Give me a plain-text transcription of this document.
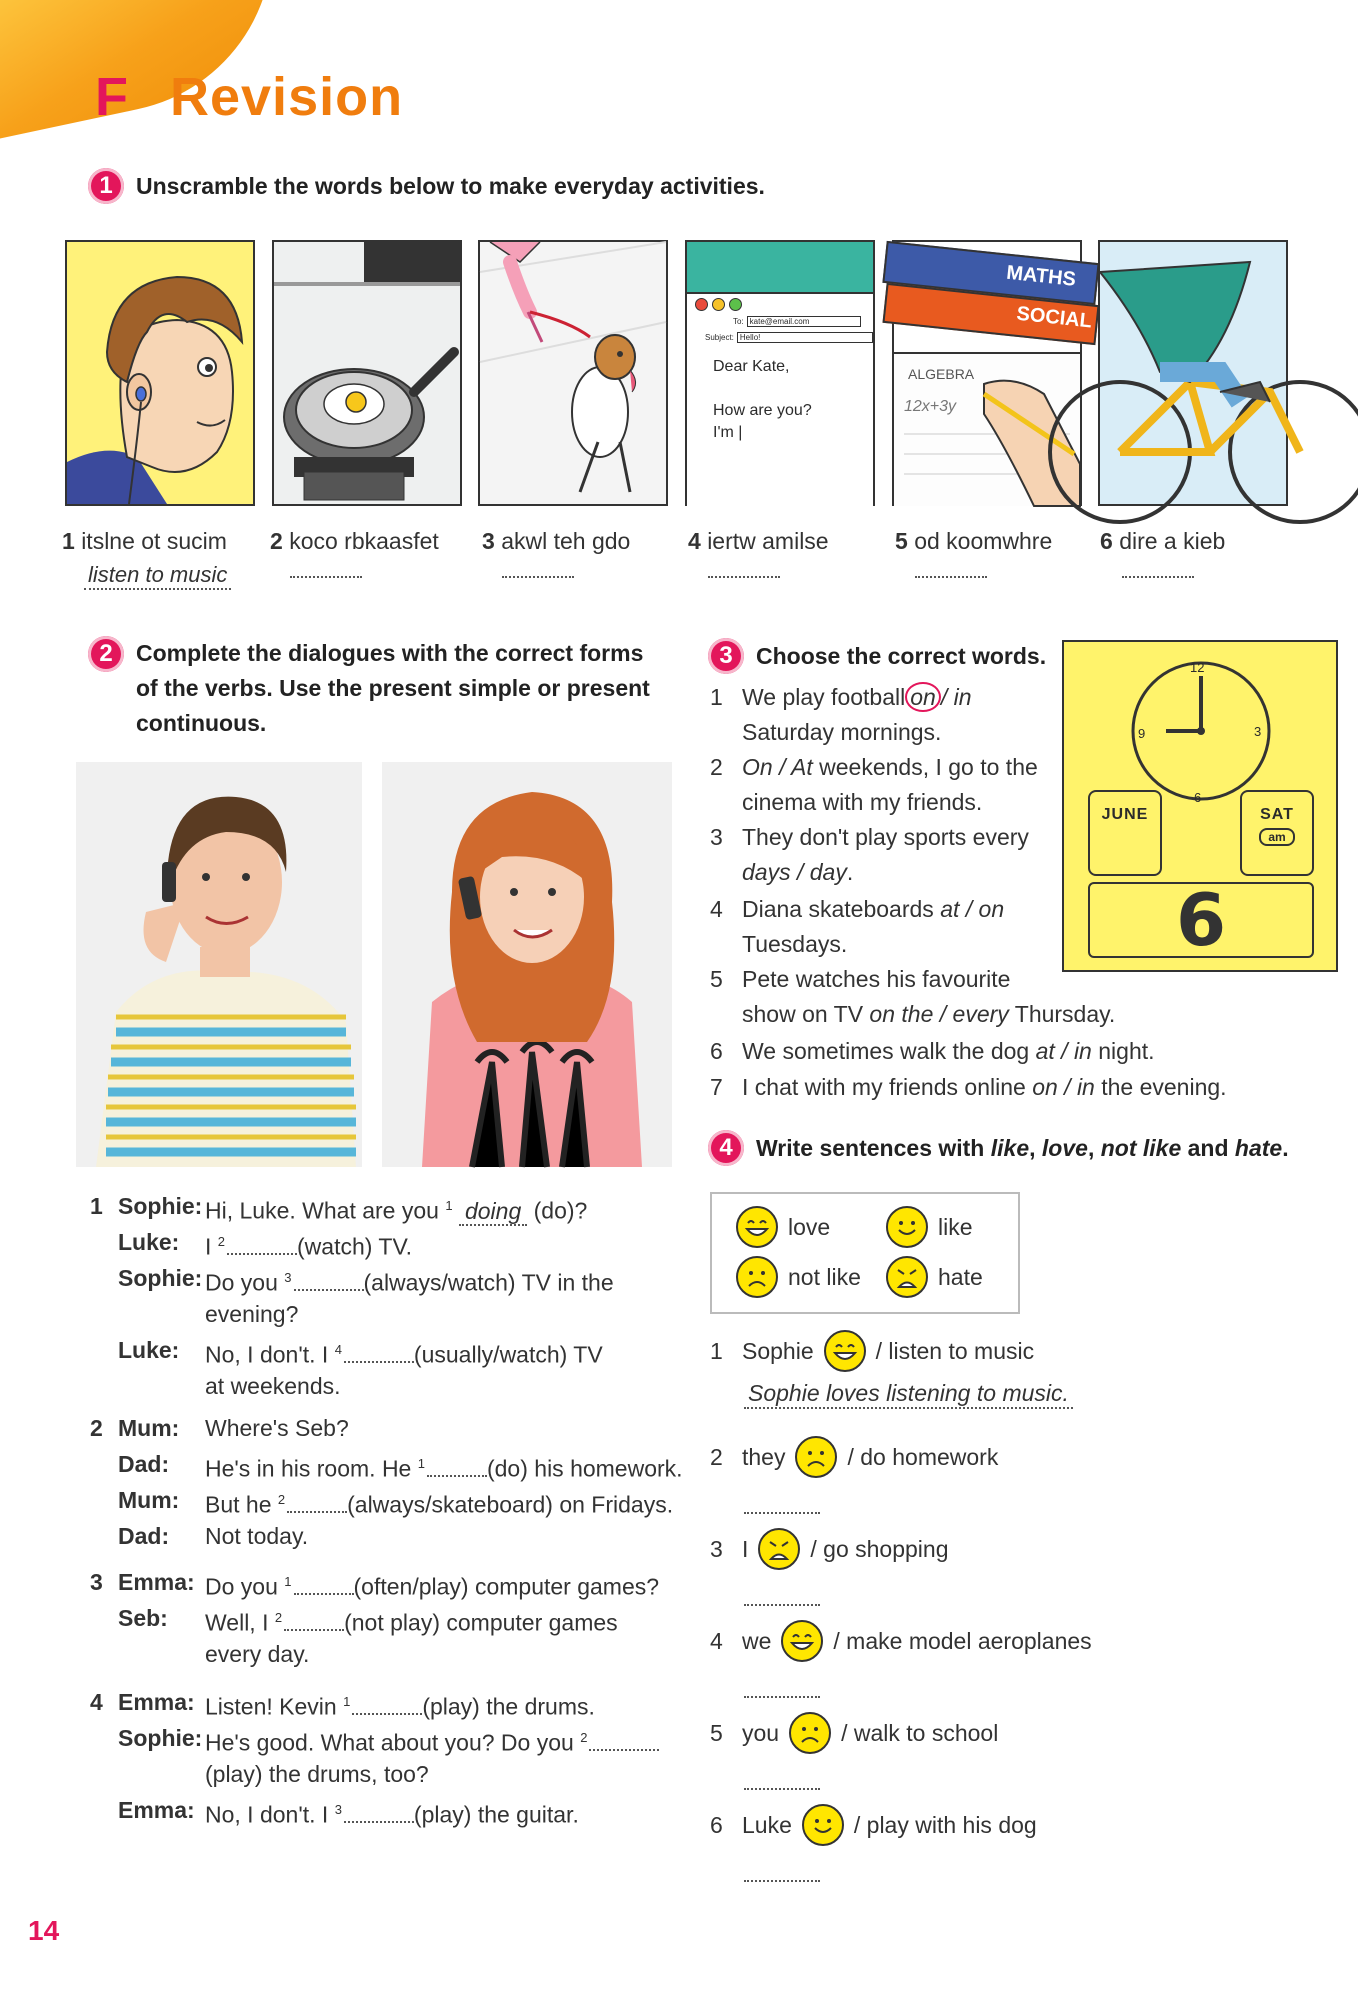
F Revision
1	Unscramble the words below to make everyday activities.
To: kate@email.com
Subject: Hello!
Dear Kate,
How are you?
I'm |
MATHS
SOCIAL
ALGEBRA
12x+3y
1 itslne ot sucim 2 koco rbkaasfet 3 akwl teh gdo	4 iertw amilse	5 od koomwhre 6 dire a kieb
listen to music
2	Complete the dialogues with the correct forms
of the verbs. Use the present simple or present
continuous.
1 Sophie: Hi, Luke. What are you $^1$ doing (do)?
Luke: I $^2$	(watch) TV.
Sophie: Do you $^3$	(always/watch) TV in the
evening?
Luke: No, I don't. I $^4$	(usually/watch) TV
at weekends.
2 Mum: Where's Seb?
Dad: He's in his room. He $^1$	(do) his homework.
Mum: But he $^2$	(always/skateboard) on Fridays.
Dad: Not today.
3 Emma: Do you $^1$	(often/play) computer games?
Seb: Well, I $^2$	(not play) computer games
every day.
4 Emma: Listen! Kevin $^1$	(play) the drums.
Sophie: He's good. What about you? Do you $^2$
(play) the drums, too?
Emma: No, I don't. I $^3$	(play) the guitar.
3	Choose the correct words.
1 We play football on / in
Saturday mornings.
2 On / At weekends, I go to the cinema with my friends.
3 They don't play sports every days / day.
4 Diana skateboards at / on Tuesdays.
5 Pete watches his favourite
show on TV on the / every Thursday.
6 We sometimes walk the dog at / in night.
7 I chat with my friends online on / in the evening.
12
3
6
9
JUNE	SAT
am
6
4	Write sentences with like, love, not like and hate.
love	like
not like	hate
1 Sophie	/ listen to music
Sophie loves listening to music.
2 they	/ do homework
3 I	/ go shopping
4 we	/ make model aeroplanes
5 you	/ walk to school
6 Luke	/ play with his dog
14
